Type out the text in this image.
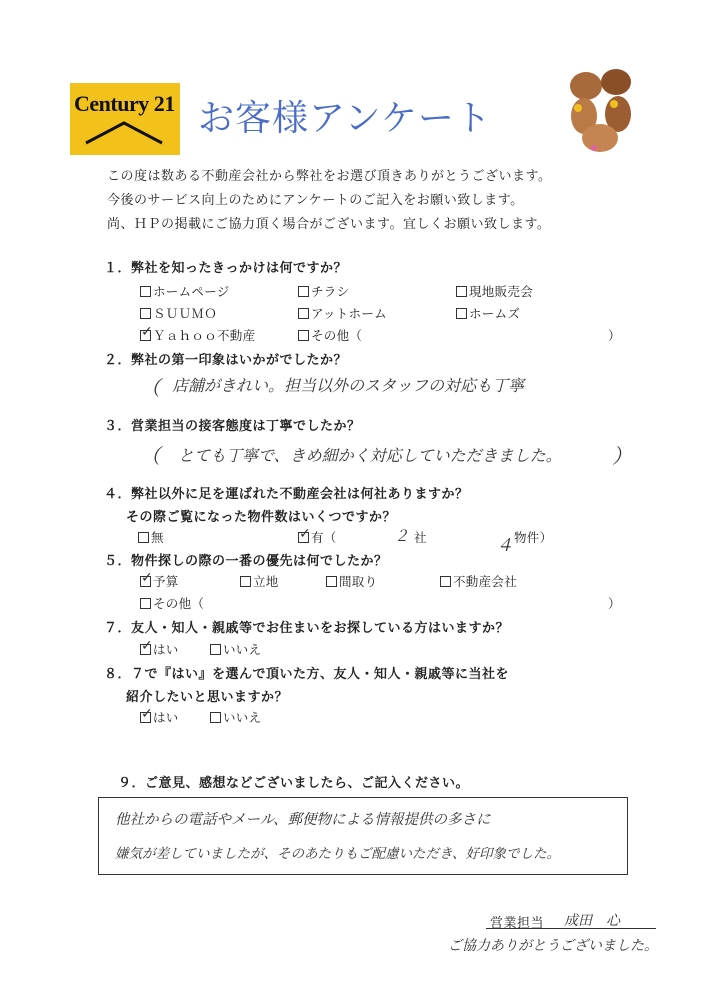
Century 21 お客様アンケート
この度は数ある不動産会社から弊社をお選び頂きありがとうございます。
今後のサービス向上のためにアンケートのご記入をお願い致します。
尚、ＨＰの掲載にご協力頂く場合がございます。宜しくお願い致します。
１．弊社を知ったきっかけは何ですか？
ホームページ	チラシ	現地販売会
ＳＵＵＭＯ	アットホーム	ホームズ
✓Ｙａｈｏｏ不動産	その他（	）
２．弊社の第一印象はいかがでしたか？
（ 店舗がきれい。担当以外のスタッフの対応も丁寧
３．営業担当の接客態度は丁寧でしたか？
（ とても丁寧で、きめ細かく対応していただきました。	）
４．弊社以外に足を運ばれた不動産会社は何社ありますか？
その際ご覧になった物件数はいくつですか？
無
✓	有（	２ 社	４ 物件）
５．物件探しの際の一番の優先は何でしたか？
✓予算	立地	間取り	不動産会社
その他（	）
７．友人・知人・親戚等でお住まいをお探している方はいますか？
✓はい	いいえ
８．７で『はい』を選んで頂いた方、友人・知人・親戚等に当社を
紹介したいと思いますか？
✓はい	いいえ
９．ご意見、感想などございましたら、ご記入ください。
他社からの電話やメール、郵便物による情報提供の多さに
嫌気が差していましたが、そのあたりもご配慮いただき、好印象でした。
営業担当 成田　心
ご協力ありがとうございました。
